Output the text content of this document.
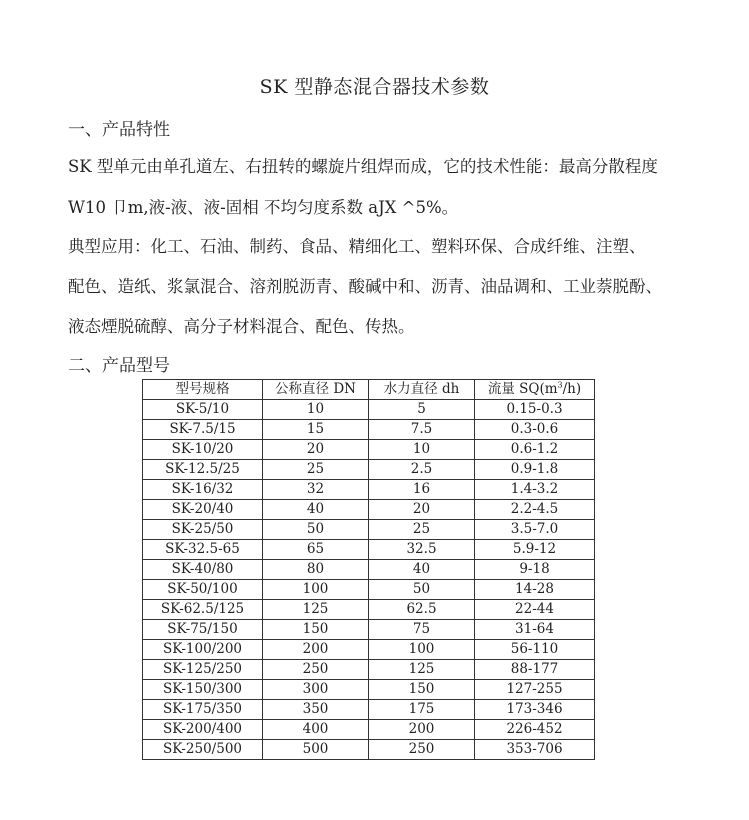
SK 型静态混合器技术参数
一、产品特性
SK 型单元由单孔道左、右扭转的螺旋片组焊而成，它的技术性能：最高分散程度
W10 卩m,液-液、液-固相 不均匀度系数 aJX ^5%。
典型应用：化工、石油、制药、食品、精细化工、塑料环保、合成纤维、注塑、
配色、造纸、浆氯混合、溶剂脱沥青、酸碱中和、沥青、油品调和、工业萘脱酚、
液态煙脱硫醇、高分子材料混合、配色、传热。
二、产品型号
型号规格	公称直径 DN	水力直径 dh	流量 $SQ(m^3/h)$
SK-5/10	10	5	0.15-0.3
SK-7.5/15	15	7.5	0.3-0.6
SK-10/20	20	10	0.6-1.2
SK-12.5/25	25	2.5	0.9-1.8
SK-16/32	32	16	1.4-3.2
SK-20/40	40	20	2.2-4.5
SK-25/50	50	25	3.5-7.0
SK-32.5-65	65	32.5	5.9-12
SK-40/80	80	40	9-18
SK-50/100	100	50	14-28
SK-62.5/125	125	62.5	22-44
SK-75/150	150	75	31-64
SK-100/200	200	100	56-110
SK-125/250	250	125	88-177
SK-150/300	300	150	127-255
SK-175/350	350	175	173-346
SK-200/400	400	200	226-452
SK-250/500	500	250	353-706
